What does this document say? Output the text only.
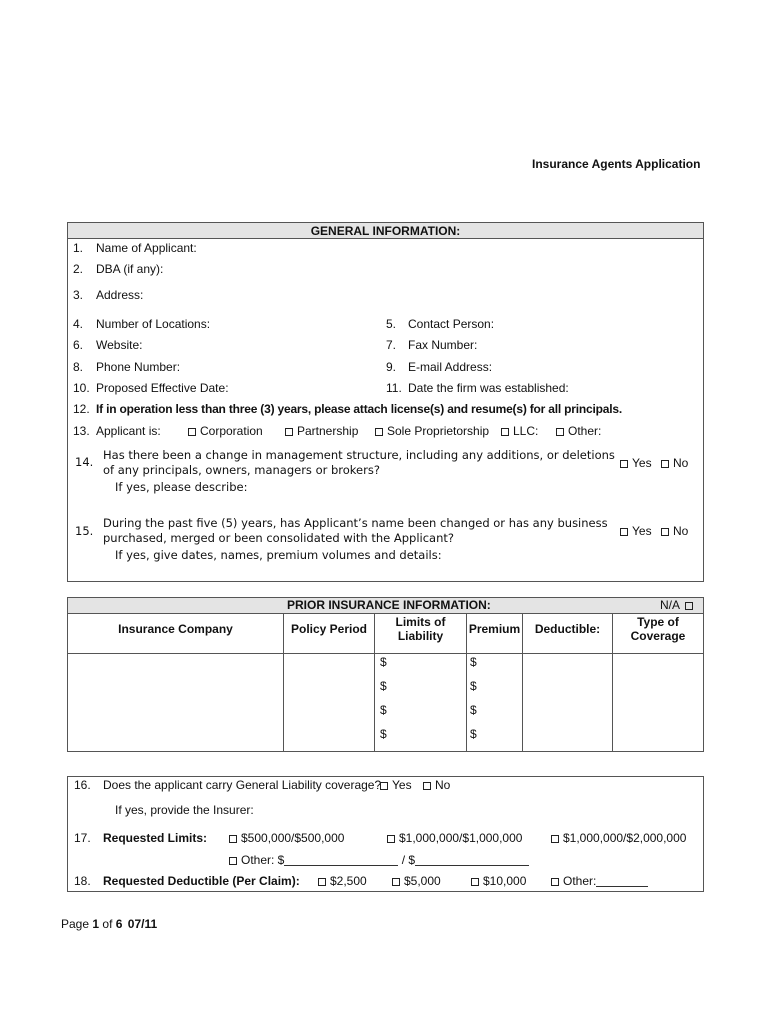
Insurance Agents Application
GENERAL INFORMATION:
1. Name of Applicant:
2. DBA (if any):
3. Address:
4. Number of Locations:	5. Contact Person:
6. Website:	7. Fax Number:
8. Phone Number:	9. E-mail Address:
10. Proposed Effective Date:	11. Date the firm was established:
12. If in operation less than three (3) years, please attach license(s) and resume(s) for all principals.
13. Applicant is:	Corporation	Partnership	Sole Proprietorship	LLC:	Other:
14. Has there been a change in management structure, including any additions, or deletions
of any principals, owners, managers or brokers?
If yes, please describe:
Yes	No
15.
During the past five (5) years, has Applicant’s name been changed or has any business
purchased, merged or been consolidated with the Applicant?
If yes, give dates, names, premium volumes and details:
Yes	No
PRIOR INSURANCE INFORMATION:	N/A
Insurance Company	Policy Period	Limits of
Liability	Premium	Deductible:	Type of
Coverage
$	$
$	$
$	$
$	$
16. Does the applicant carry General Liability coverage? Yes	No
If yes, provide the Insurer:
17. Requested Limits:	$500,000/$500,000	$1,000,000/$1,000,000	$1,000,000/$2,000,000
Other: $	/ $
18. Requested Deductible (Per Claim):	$2,500	$5,000	$10,000	Other:
Page 1 of 6 07/11
